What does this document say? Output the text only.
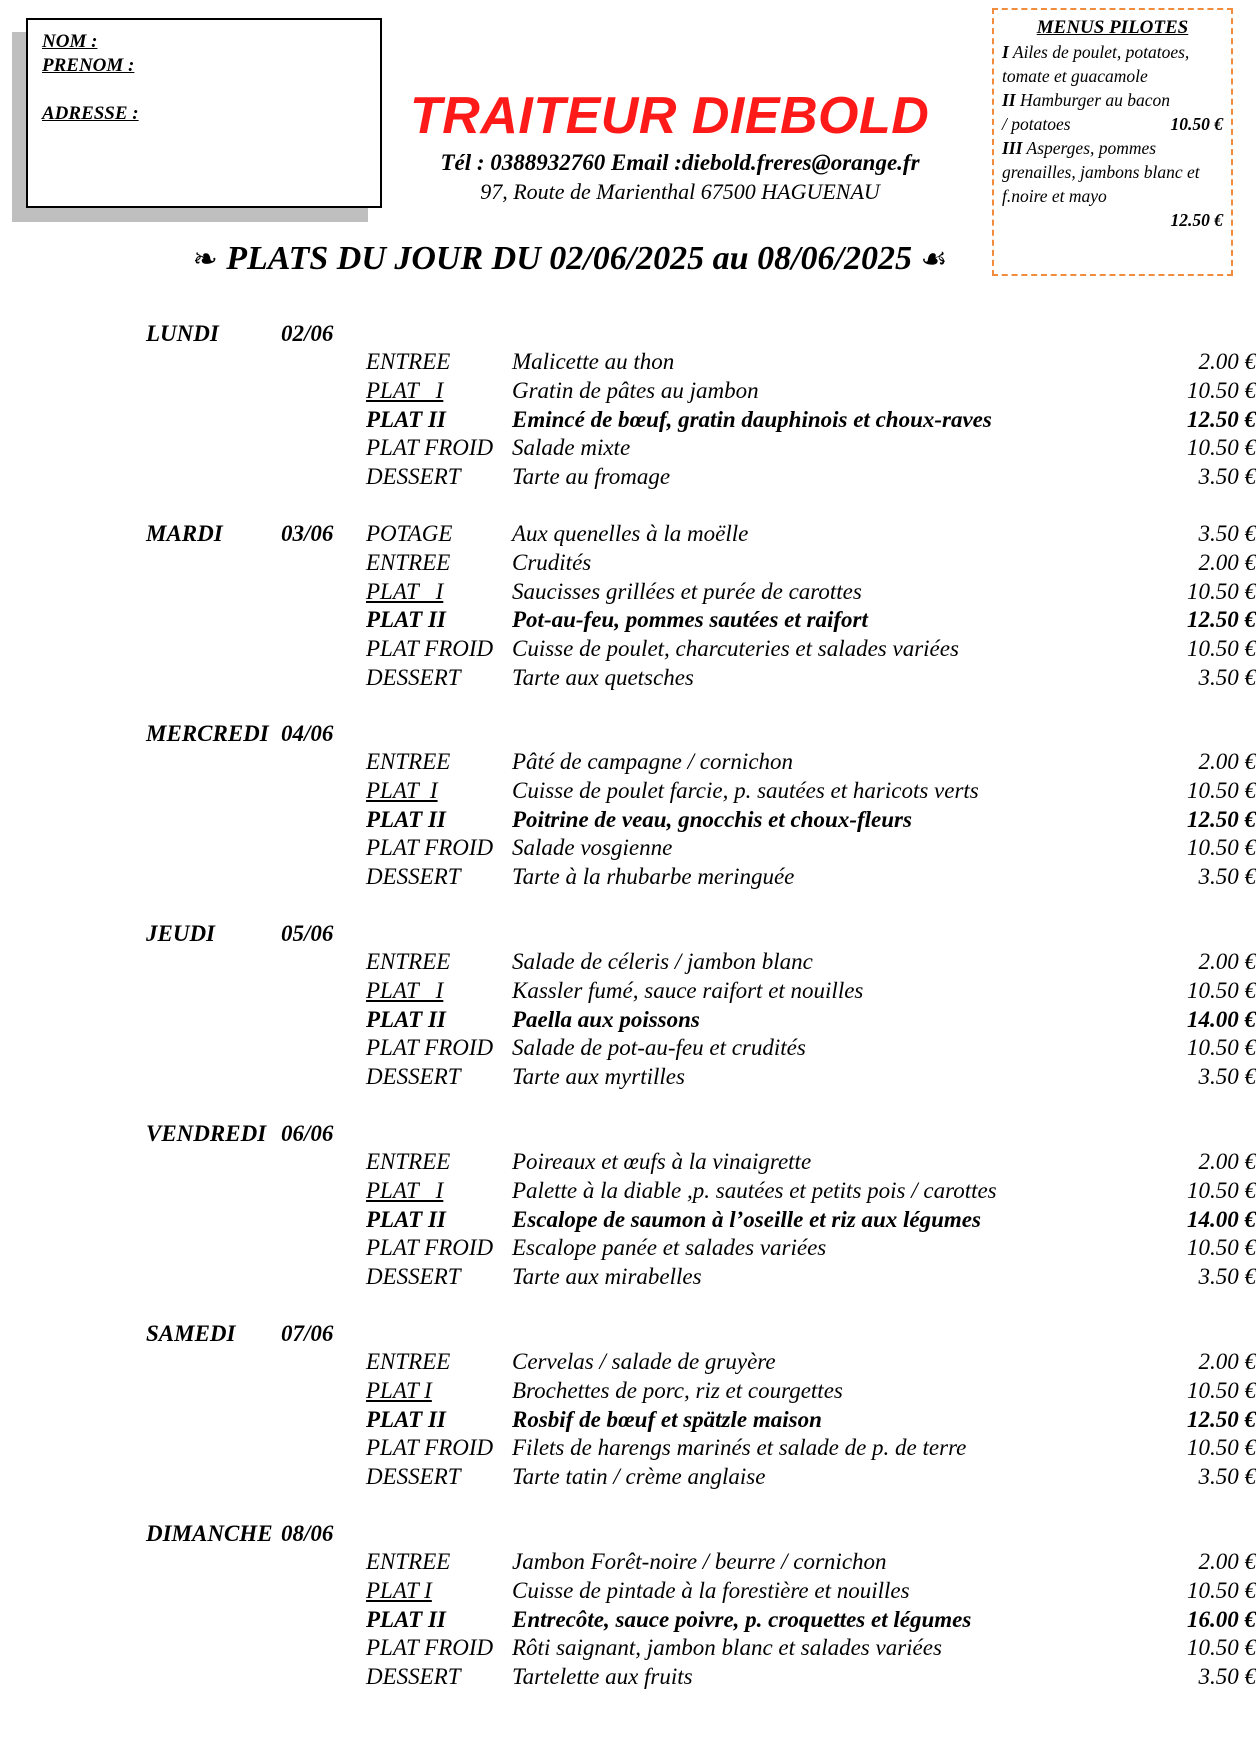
NOM :
PRENOM :
ADRESSE :	TRAITEUR DIEBOLD
Tél : 0388932760 Email :diebold.freres@orange.fr
97, Route de Marienthal 67500 HAGUENAU
MENUS PILOTES
I Ailes de poulet, potatoes, tomate et guacamole
II Hamburger au bacon
/ potatoes	10.50 €
III Asperges, pommes grenailles, jambons blanc et f.noire et mayo
12.50 €
❧ PLATS DU JOUR DU 02/06/2025 au 08/06/2025 ☙
LUNDI	02/06
ENTREE	Malicette au thon	2.00 €
PLAT   I	Gratin de pâtes au jambon	10.50 €
PLAT II	Emincé de bœuf, gratin dauphinois et choux-raves	12.50 €
PLAT FROID Salade mixte	10.50 €
DESSERT Tarte au fromage	3.50 €
MARDI	03/06	POTAGE	Aux quenelles à la moëlle	3.50 €
ENTREE	Crudités	2.00 €
PLAT   I	Saucisses grillées et purée de carottes	10.50 €
PLAT II	Pot-au-feu, pommes sautées et raifort	12.50 €
PLAT FROID Cuisse de poulet, charcuteries et salades variées	10.50 €
DESSERT Tarte aux quetsches	3.50 €
MERCREDI 04/06
ENTREE	Pâté de campagne / cornichon	2.00 €
PLAT  I	Cuisse de poulet farcie, p. sautées et haricots verts	10.50 €
PLAT II	Poitrine de veau, gnocchis et choux-fleurs	12.50 €
PLAT FROID Salade vosgienne	10.50 €
DESSERT Tarte à la rhubarbe meringuée	3.50 €
JEUDI	05/06
ENTREE	Salade de céleris / jambon blanc	2.00 €
PLAT   I	Kassler fumé, sauce raifort et nouilles	10.50 €
PLAT II	Paella aux poissons	14.00 €
PLAT FROID Salade de pot-au-feu et crudités	10.50 €
DESSERT Tarte aux myrtilles	3.50 €
VENDREDI 06/06
ENTREE	Poireaux et œufs à la vinaigrette	2.00 €
PLAT   I	Palette à la diable ,p. sautées et petits pois / carottes	10.50 €
PLAT II	Escalope de saumon à l’oseille et riz aux légumes	14.00 €
PLAT FROID Escalope panée et salades variées	10.50 €
DESSERT Tarte aux mirabelles	3.50 €
SAMEDI 07/06
ENTREE	Cervelas / salade de gruyère	2.00 €
PLAT I	Brochettes de porc, riz et courgettes	10.50 €
PLAT II	Rosbif de bœuf et spätzle maison	12.50 €
PLAT FROID Filets de harengs marinés et salade de p. de terre	10.50 €
DESSERT Tarte tatin / crème anglaise	3.50 €
DIMANCHE 08/06
ENTREE	Jambon Forêt-noire / beurre / cornichon	2.00 €
PLAT I	Cuisse de pintade à la forestière et nouilles	10.50 €
PLAT II	Entrecôte, sauce poivre, p. croquettes et légumes	16.00 €
PLAT FROID Rôti saignant, jambon blanc et salades variées	10.50 €
DESSERT Tartelette aux fruits	3.50 €
